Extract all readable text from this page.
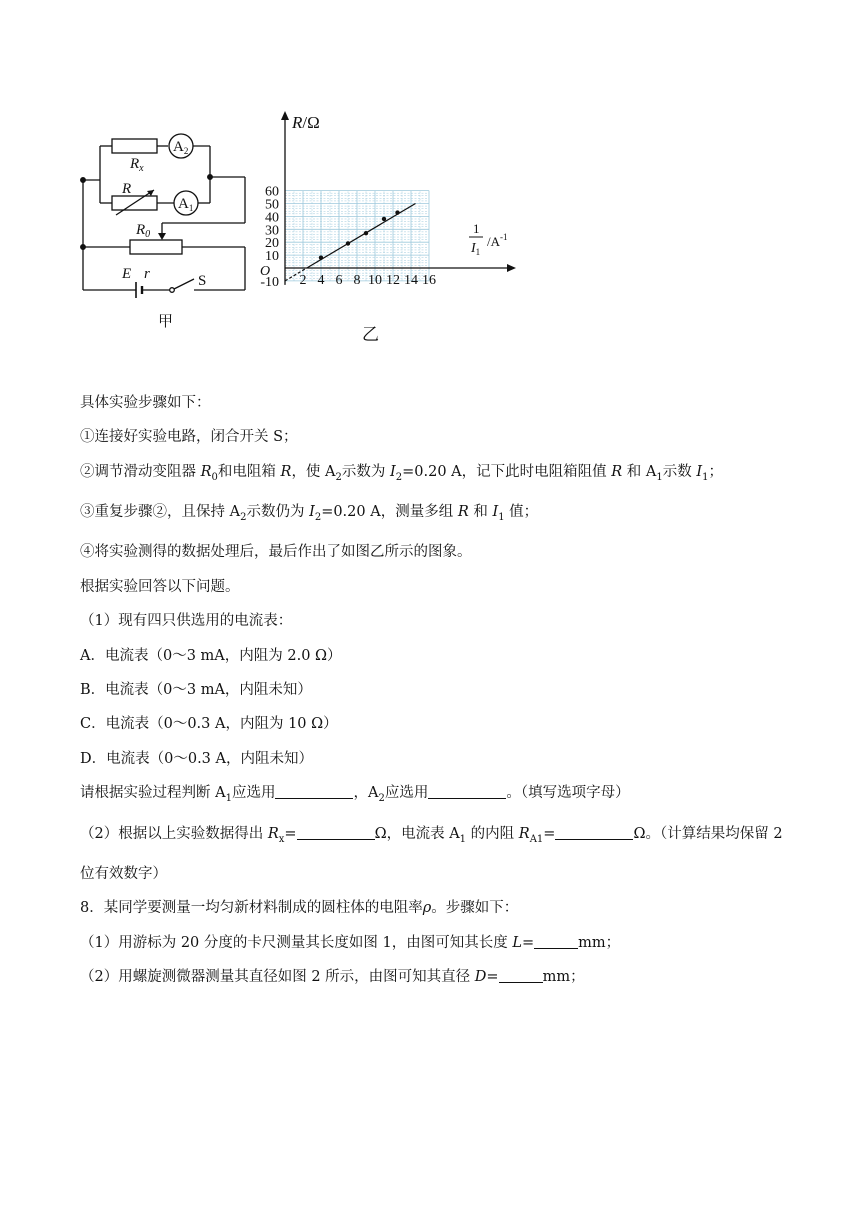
$R_x$
$A_2$
R
$A_1$
$R_0$
E r	S
甲
-10
10
20
30
40
50
60
2 4 6 8 10 12 14 16
R/Ω
O
1
$I_1$
$/A^{-1}$
乙
具体实验步骤如下：
①连接好实验电路，闭合开关 S；
②调节滑动变阻器 $R_0$和电阻箱 R，使 $A_2$示数为 $I_2=0.20$ A，记下此时电阻箱阻值 R 和 $A_1$示数 $I_1$；
③重复步骤②，且保持 $A_2$示数仍为 $I_2=0.20$ A，测量多组 R 和 $I_1$ 值；
④将实验测得的数据处理后，最后作出了如图乙所示的图象。
根据实验回答以下问题。
（1）现有四只供选用的电流表：
A．电流表（0～3 mA，内阻为 2.0 Ω）
B．电流表（0～3 mA，内阻未知）
C．电流表（0～0.3 A，内阻为 10 Ω）
D．电流表（0～0.3 A，内阻未知）
请根据实验过程判断 $A_1$应选用	，$A_2$应选用	。（填写选项字母）
（2）根据以上实验数据得出 $R_x=$	Ω，电流表 $A_1$ 的内阻 $R_{A1}=$	Ω。（计算结果均保留 2
位有效数字）
8．某同学要测量一均匀新材料制成的圆柱体的电阻率ρ。步骤如下：
（1）用游标为 20 分度的卡尺测量其长度如图 1，由图可知其长度 L=	mm；
（2）用螺旋测微器测量其直径如图 2 所示，由图可知其直径 D=	mm；
